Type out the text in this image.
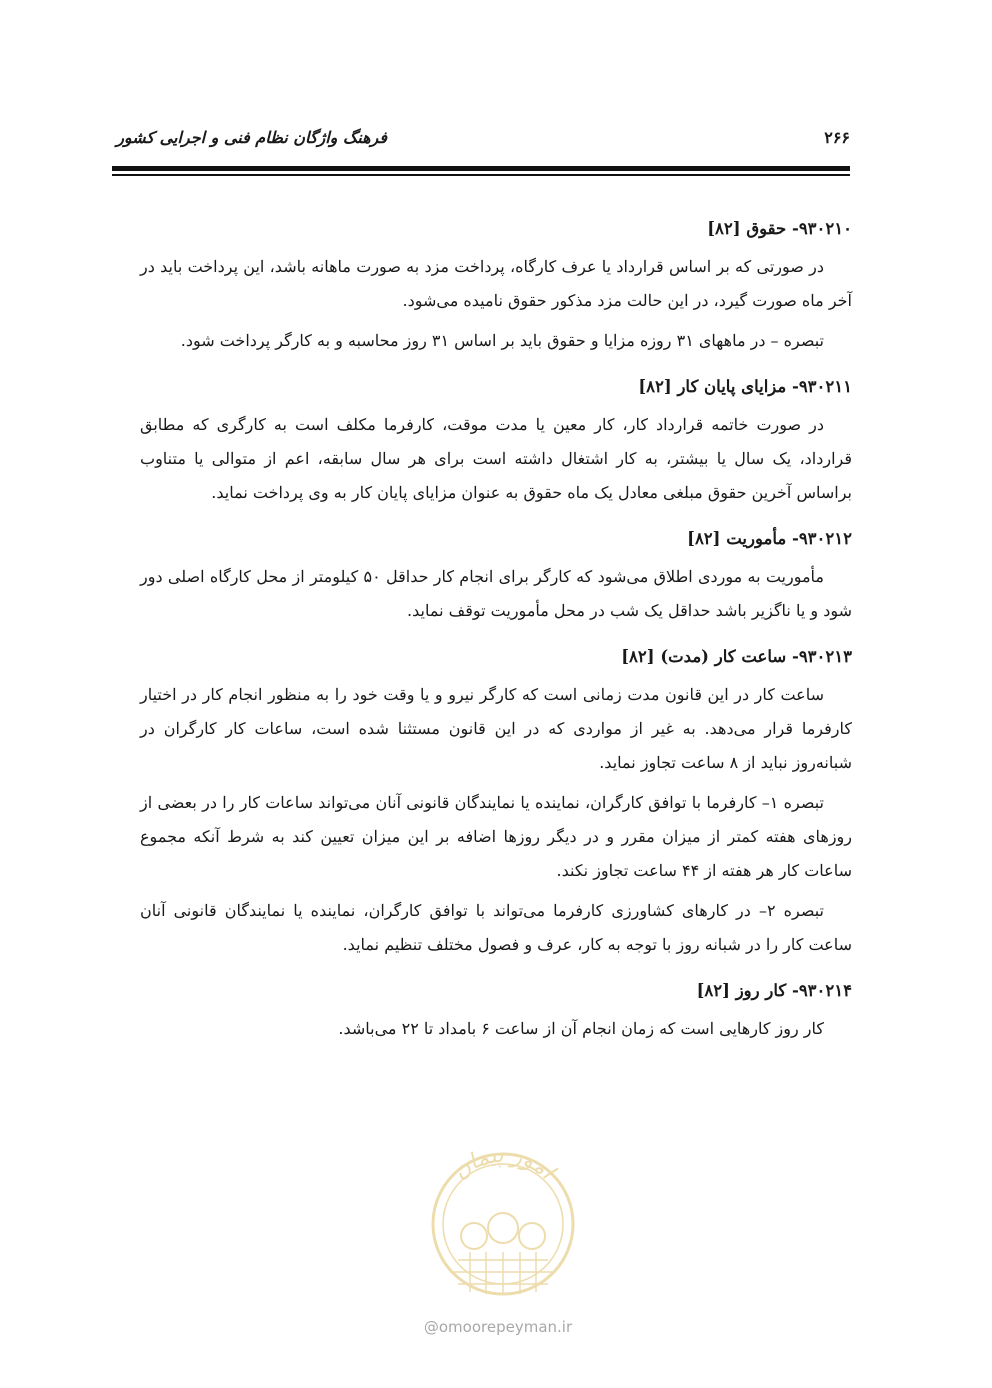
۲۶۶
فرهنگ واژگان نظام فنی و اجرایی کشور
۹۳۰۲۱۰- حقوق [۸۲]

در صورتی که بر اساس قرارداد یا عرف کارگاه، پرداخت مزد به صورت ماهانه باشد، این پرداخت باید در آخر ماه صورت گیرد، در این حالت مزد مذکور حقوق نامیده می‌شود.

تبصره – در ماههای ۳۱ روزه مزایا و حقوق باید بر اساس ۳۱ روز محاسبه و به کارگر پرداخت شود.

۹۳۰۲۱۱- مزایای پایان کار [۸۲]

در صورت خاتمه قرارداد کار، کار معین یا مدت موقت، کارفرما مکلف است به کارگری که مطابق قرارداد، یک سال یا بیشتر، به کار اشتغال داشته است برای هر سال سابقه، اعم از متوالی یا متناوب براساس آخرین حقوق مبلغی معادل یک ماه حقوق به عنوان مزایای پایان کار به وی پرداخت نماید.

۹۳۰۲۱۲- مأموریت [۸۲]

مأموریت به موردی اطلاق می‌شود که کارگر برای انجام کار حداقل ۵۰ کیلومتر از محل کارگاه اصلی دور شود و یا ناگزیر باشد حداقل یک شب در محل مأموریت توقف نماید.

۹۳۰۲۱۳- ساعت کار (مدت) [۸۲]

ساعت کار در این قانون مدت زمانی است که کارگر نیرو و یا وقت خود را به منظور انجام کار در اختیار کارفرما قرار می‌دهد. به غیر از مواردی که در این قانون مستثنا شده است، ساعات کار کارگران در شبانه‌روز نباید از ۸ ساعت تجاوز نماید.

تبصره ۱– کارفرما با توافق کارگران، نماینده یا نمایندگان قانونی آنان می‌تواند ساعات کار را در بعضی از روزهای هفته کمتر از میزان مقرر و در دیگر روزها اضافه بر این میزان تعیین کند به شرط آنکه مجموع ساعات کار هر هفته از ۴۴ ساعت تجاوز نکند.

تبصره ۲– در کارهای کشاورزی کارفرما می‌تواند با توافق کارگران، نماینده یا نمایندگان قانونی آنان ساعت کار را در شبانه روز با توجه به کار، عرف و فصول مختلف تنظیم نماید.

۹۳۰۲۱۴- کار روز [۸۲]

کار روز کارهایی است که زمان انجام آن از ساعت ۶ بامداد تا ۲۲ می‌باشد.

امور پیمان
@omoorepeyman.ir
